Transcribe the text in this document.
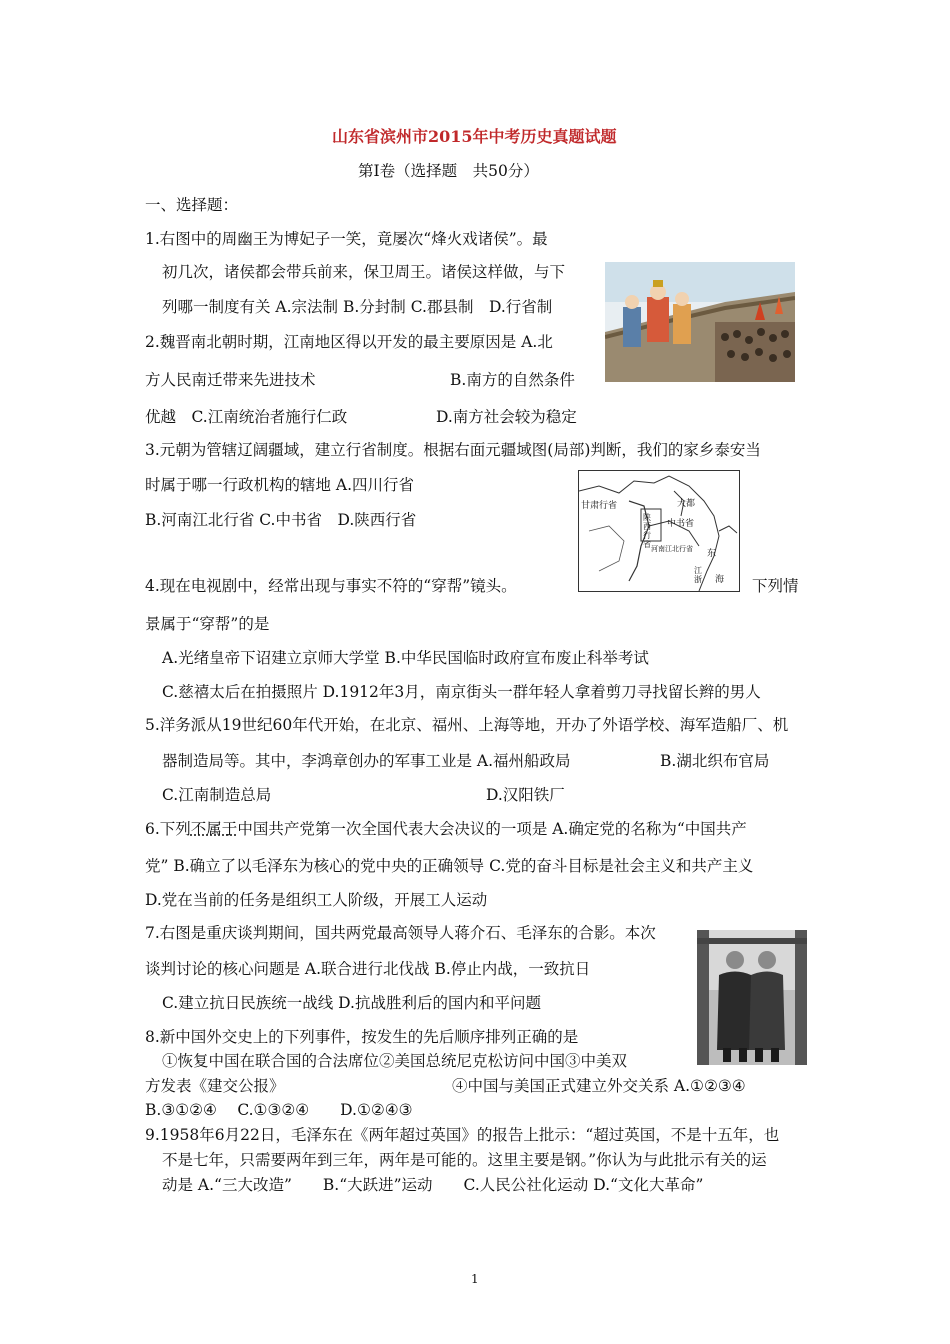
山东省滨州市2015年中考历史真题试题
第Ⅰ卷（选择题　共50分）
一、选择题：
1.右图中的周幽王为博妃子一笑，竟屡次“烽火戏诸侯”。最
初几次，诸侯都会带兵前来，保卫周王。诸侯这样做，与下
列哪一制度有关 A.宗法制 B.分封制 C.郡县制　D.行省制
2.魏晋南北朝时期，江南地区得以开发的最主要原因是 A.北
方人民南迁带来先进技术	B.南方的自然条件
优越　C.江南统治者施行仁政	D.南方社会较为稳定
3.元朝为管辖辽阔疆域，建立行省制度。根据右面元疆域图(局部)判断，我们的家乡泰安当
时属于哪一行政机构的辖地 A.四川行省
B.河南江北行省 C.中书省　D.陕西行省
甘肃行省	大都
陕西行省
中书省
河南江北行省 东
江浙 海
4.现在电视剧中，经常出现与事实不符的“穿帮”镜头。	下列情
景属于“穿帮”的是
A.光绪皇帝下诏建立京师大学堂 B.中华民国临时政府宣布废止科举考试
C.慈禧太后在拍摄照片 D.1912年3月，南京街头一群年轻人拿着剪刀寻找留长辫的男人
5.洋务派从19世纪60年代开始，在北京、福州、上海等地，开办了外语学校、海军造船厂、机
器制造局等。其中，李鸿章创办的军事工业是 A.福州船政局	B.湖北织布官局
C.江南制造总局	D.汉阳铁厂
6.下列不属于中国共产党第一次全国代表大会决议的一项是 A.确定党的名称为“中国共产
党” B.确立了以毛泽东为核心的党中央的正确领导 C.党的奋斗目标是社会主义和共产主义
D.党在当前的任务是组织工人阶级，开展工人运动
7.右图是重庆谈判期间，国共两党最高领导人蒋介石、毛泽东的合影。本次
谈判讨论的核心问题是 A.联合进行北伐战 B.停止内战，一致抗日
C.建立抗日民族统一战线 D.抗战胜利后的国内和平问题
8.新中国外交史上的下列事件，按发生的先后顺序排列正确的是
①恢复中国在联合国的合法席位②美国总统尼克松访问中国③中美双
方发表《建交公报》	④中国与美国正式建立外交关系 A.①②③④
B.③①②④　 C.①③②④　　D.①②④③
9.1958年6月22日，毛泽东在《两年超过英国》的报告上批示：“超过英国，不是十五年，也
不是七年，只需要两年到三年，两年是可能的。这里主要是钢。”你认为与此批示有关的运
动是 A.“三大改造”　　B.“大跃进”运动　　C.人民公社化运动 D.“文化大革命”
1
